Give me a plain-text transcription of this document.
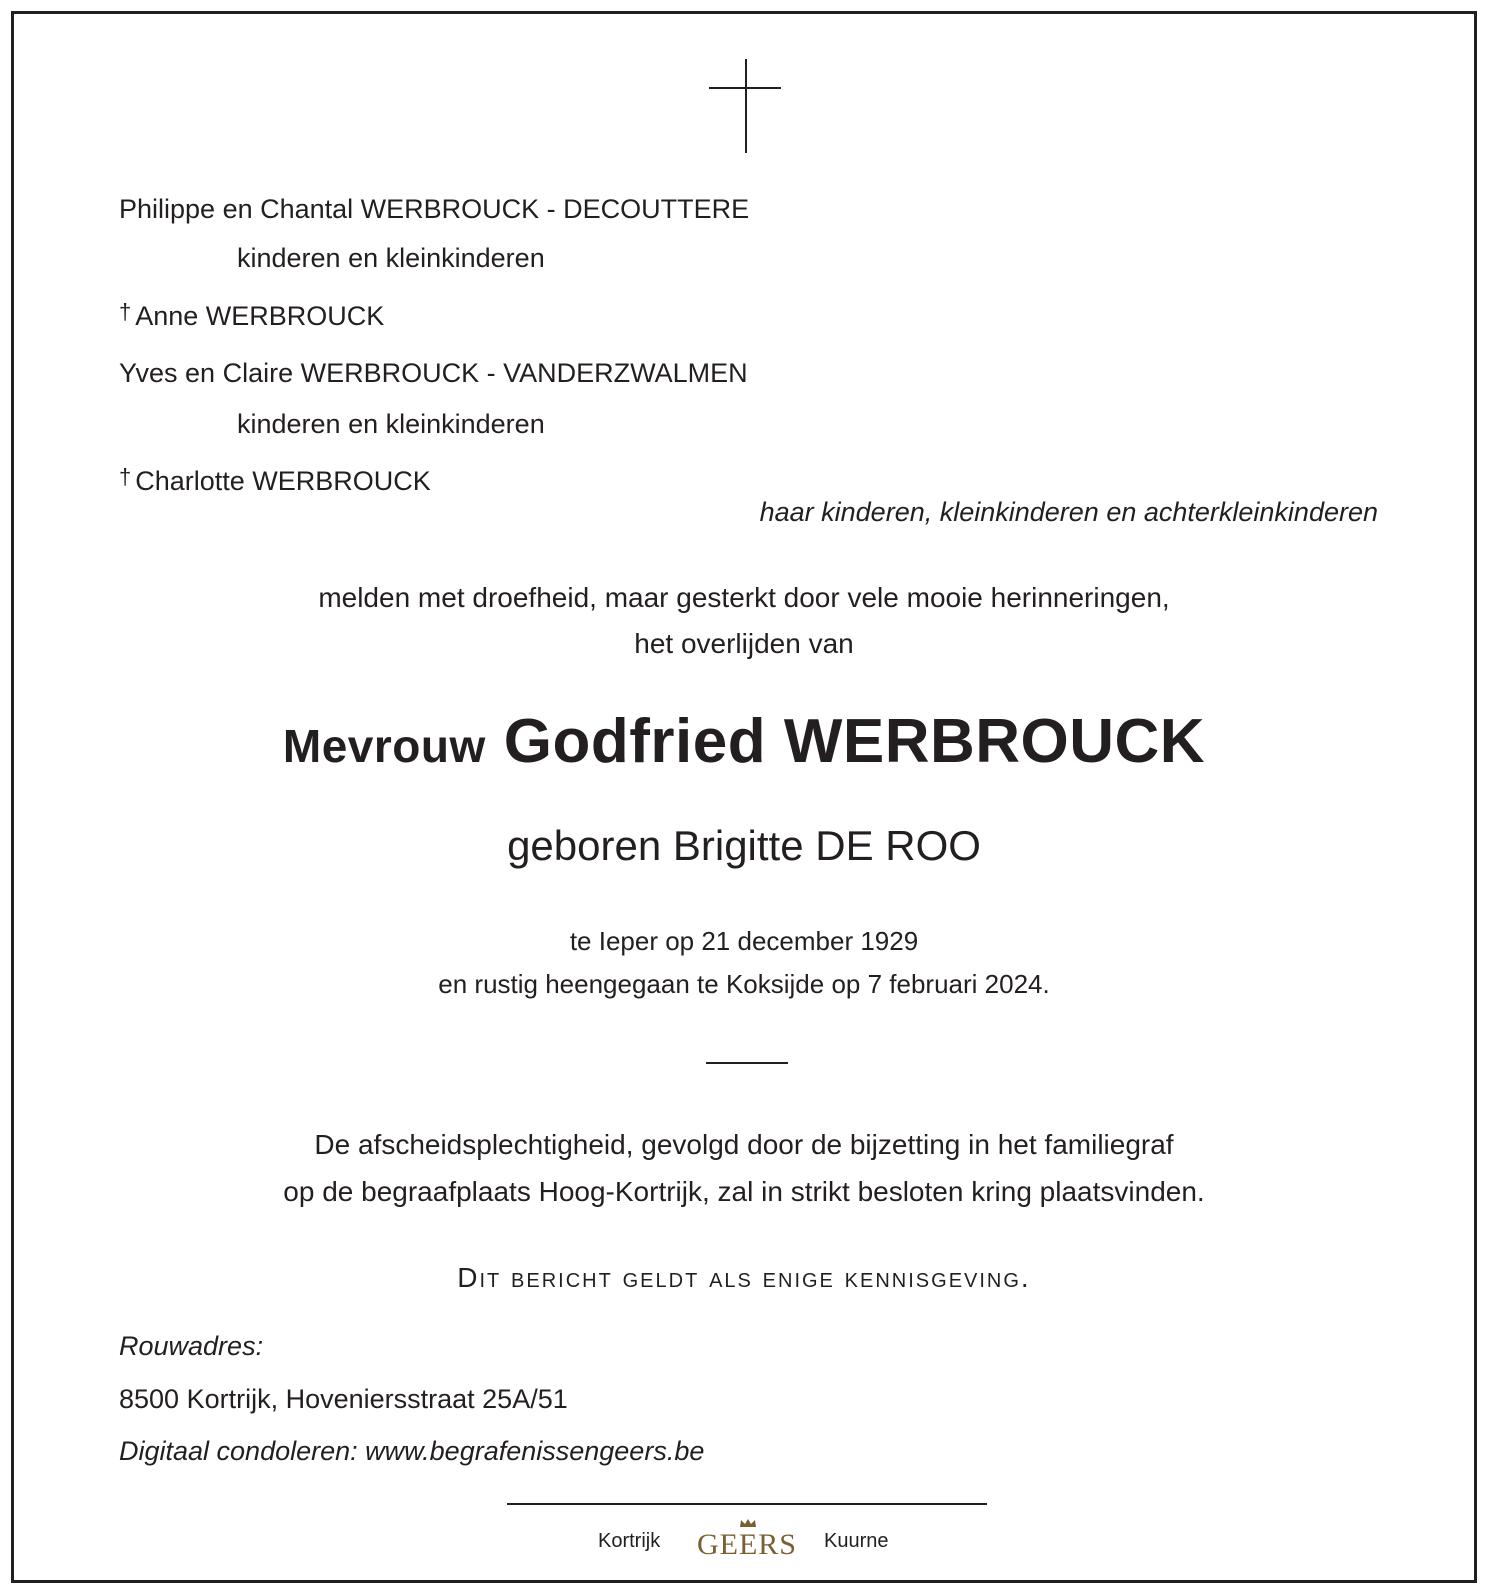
Philippe en Chantal WERBROUCK - DECOUTTERE
kinderen en kleinkinderen
† Anne WERBROUCK
Yves en Claire WERBROUCK - VANDERZWALMEN
kinderen en kleinkinderen
† Charlotte WERBROUCK
haar kinderen, kleinkinderen en achterkleinkinderen
melden met droefheid, maar gesterkt door vele mooie herinneringen,
het overlijden van
Mevrouw Godfried WERBROUCK
geboren Brigitte DE ROO
te Ieper op 21 december 1929
en rustig heengegaan te Koksijde op 7 februari 2024.
De afscheidsplechtigheid, gevolgd door de bijzetting in het familiegraf
op de begraafplaats Hoog-Kortrijk, zal in strikt besloten kring plaatsvinden.
Dit bericht geldt als enige kennisgeving.
Rouwadres:
8500 Kortrijk, Hoveniersstraat 25A/51
Digitaal condoleren: www.begrafenissengeers.be
Kortrijk GEERS Kuurne
